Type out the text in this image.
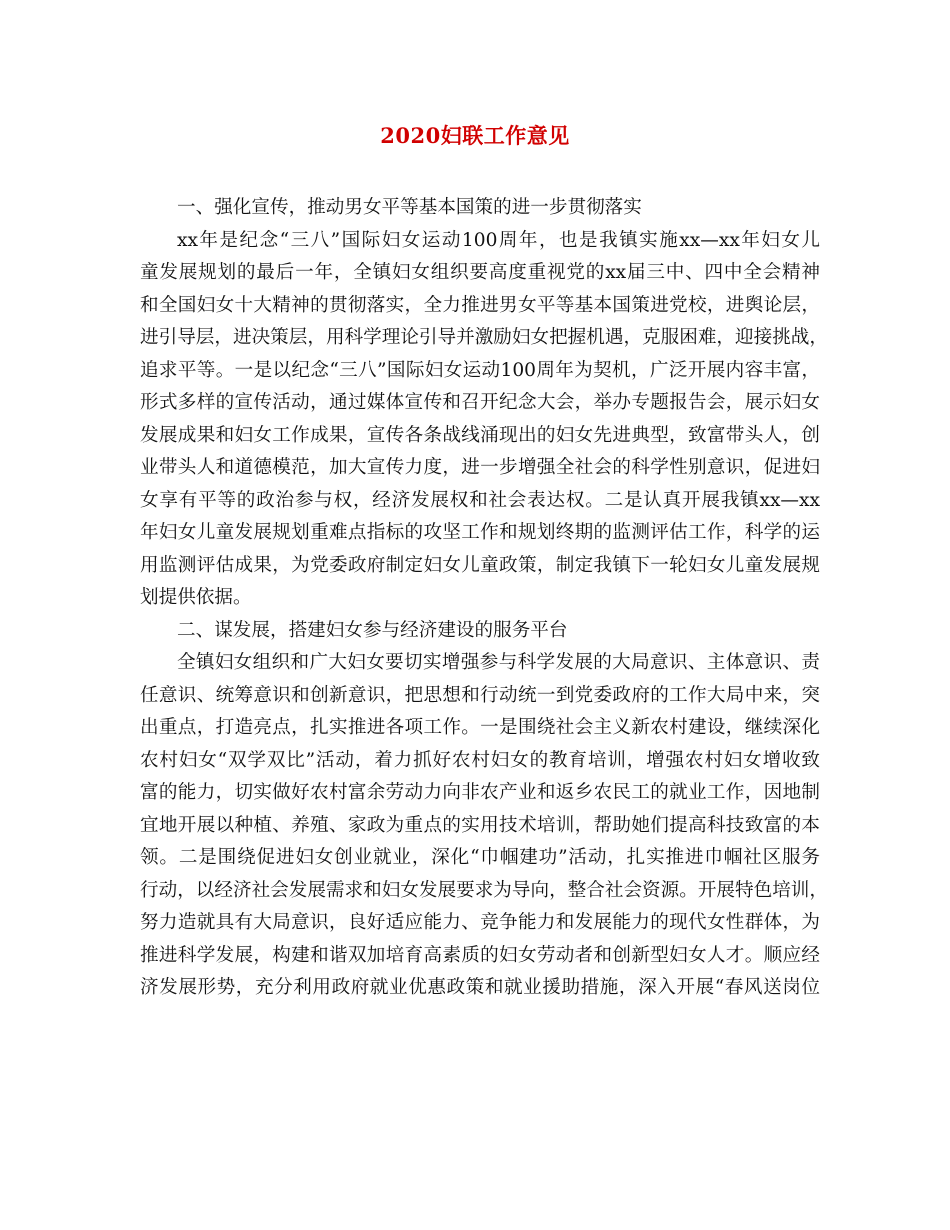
2020妇联工作意见
一、强化宣传，推动男女平等基本国策的进一步贯彻落实
xx年是纪念“三八”国际妇女运动100周年，也是我镇实施xx—xx年妇女儿
童发展规划的最后一年，全镇妇女组织要高度重视党的xx届三中、四中全会精神
和全国妇女十大精神的贯彻落实，全力推进男女平等基本国策进党校，进舆论层，
进引导层，进决策层，用科学理论引导并激励妇女把握机遇，克服困难，迎接挑战，
追求平等。一是以纪念“三八”国际妇女运动100周年为契机，广泛开展内容丰富，
形式多样的宣传活动，通过媒体宣传和召开纪念大会，举办专题报告会，展示妇女
发展成果和妇女工作成果，宣传各条战线涌现出的妇女先进典型，致富带头人，创
业带头人和道德模范，加大宣传力度，进一步增强全社会的科学性别意识，促进妇
女享有平等的政治参与权，经济发展权和社会表达权。二是认真开展我镇xx—xx
年妇女儿童发展规划重难点指标的攻坚工作和规划终期的监测评估工作，科学的运
用监测评估成果，为党委政府制定妇女儿童政策，制定我镇下一轮妇女儿童发展规
划提供依据。
二、谋发展，搭建妇女参与经济建设的服务平台
全镇妇女组织和广大妇女要切实增强参与科学发展的大局意识、主体意识、责
任意识、统筹意识和创新意识，把思想和行动统一到党委政府的工作大局中来，突
出重点，打造亮点，扎实推进各项工作。一是围绕社会主义新农村建设，继续深化
农村妇女“双学双比”活动，着力抓好农村妇女的教育培训，增强农村妇女增收致
富的能力，切实做好农村富余劳动力向非农产业和返乡农民工的就业工作，因地制
宜地开展以种植、养殖、家政为重点的实用技术培训，帮助她们提高科技致富的本
领。二是围绕促进妇女创业就业，深化“巾帼建功”活动，扎实推进巾帼社区服务
行动，以经济社会发展需求和妇女发展要求为导向，整合社会资源。开展特色培训，
努力造就具有大局意识，良好适应能力、竞争能力和发展能力的现代女性群体，为
推进科学发展，构建和谐双加培育高素质的妇女劳动者和创新型妇女人才。顺应经
济发展形势，充分利用政府就业优惠政策和就业援助措施，深入开展“春风送岗位
